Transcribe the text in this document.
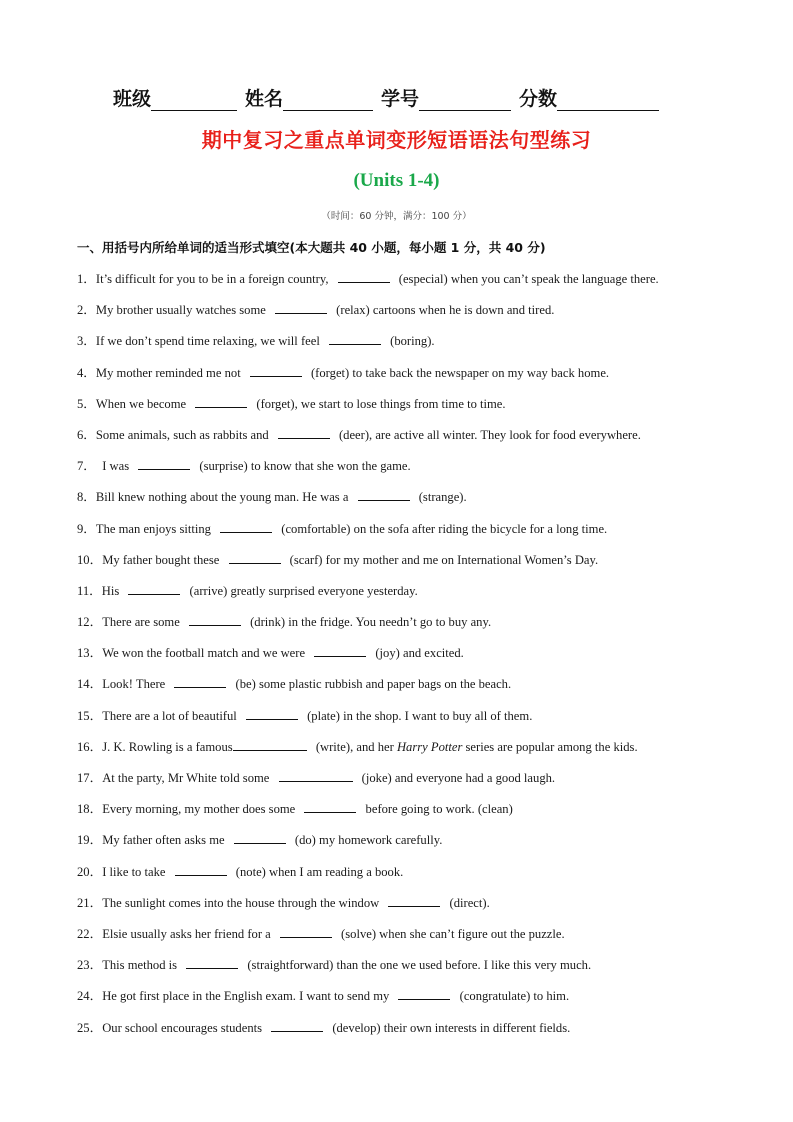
班级	姓名	学号	分数
期中复习之重点单词变形短语语法句型练习
(Units 1-4)
（时间：60 分钟，满分：100 分）
一、用括号内所给单词的适当形式填空(本大题共 40 小题，每小题 1 分，共 40 分)
1．It’s difficult for you to be in a foreign country,	(especial) when you can’t speak the language there.
2．My brother usually watches some	(relax) cartoons when he is down and tired.
3．If we don’t spend time relaxing, we will feel	(boring).
4．My mother reminded me not	(forget) to take back the newspaper on my way back home.
5．When we become	(forget), we start to lose things from time to time.
6．Some animals, such as rabbits and	(deer), are active all winter. They look for food everywhere.
7．  I was	(surprise) to know that she won the game.
8．Bill knew nothing about the young man. He was a	(strange).
9．The man enjoys sitting	(comfortable) on the sofa after riding the bicycle for a long time.
10．My father bought these	(scarf) for my mother and me on International Women’s Day.
11．His	(arrive) greatly surprised everyone yesterday.
12．There are some	(drink) in the fridge. You needn’t go to buy any.
13．We won the football match and we were	(joy) and excited.
14．Look! There	(be) some plastic rubbish and paper bags on the beach.
15．There are a lot of beautiful	(plate) in the shop. I want to buy all of them.
16．J. K. Rowling is a famous	(write), and her Harry Potter series are popular among the kids.
17．At the party, Mr White told some	(joke) and everyone had a good laugh.
18．Every morning, my mother does some	before going to work. (clean)
19．My father often asks me	(do) my homework carefully.
20．I like to take	(note) when I am reading a book.
21．The sunlight comes into the house through the window	(direct).
22．Elsie usually asks her friend for a	(solve) when she can’t figure out the puzzle.
23．This method is	(straightforward) than the one we used before. I like this very much.
24．He got first place in the English exam. I want to send my	(congratulate) to him.
25．Our school encourages students	(develop) their own interests in different fields.
